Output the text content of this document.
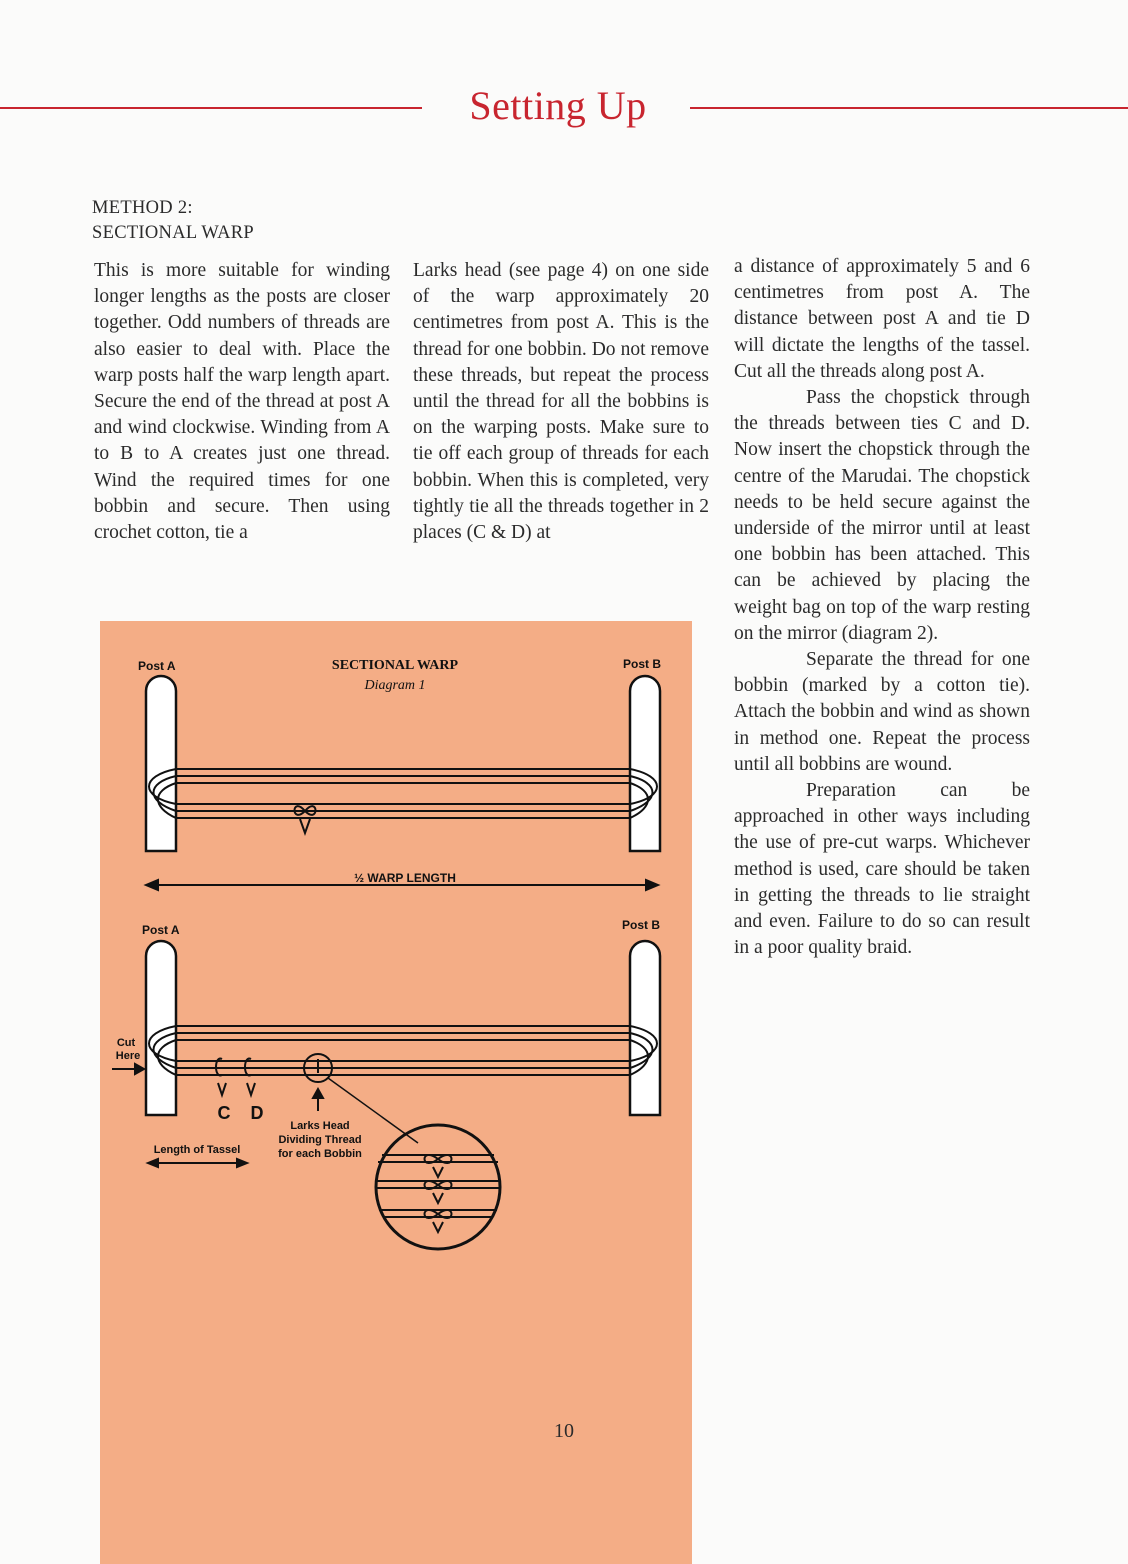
Setting Up
METHOD 2:
SECTIONAL WARP

This is more suitable for winding longer lengths as the posts are closer together. Odd numbers of threads are also easier to deal with. Place the warp posts half the warp length apart. Secure the end of the thread at post A and wind clockwise. Winding from A to B to A creates just one thread. Wind the required times for one bobbin and secure. Then using crochet cotton, tie a

Larks head (see page 4) on one side of the warp approximately 20 centimetres from post A. This is the thread for one bobbin. Do not remove these threads, but repeat the process until the thread for all the bobbins is on the warping posts. Make sure to tie off each group of threads for each bobbin. When this is completed, very tightly tie all the threads together in 2 places (C & D) at

a distance of approximately 5 and 6 centimetres from post A. The distance between post A and tie D will dictate the lengths of the tassel. Cut all the threads along post A.

Pass the chopstick through the threads between ties C and D. Now insert the chopstick through the centre of the Marudai. The chopstick needs to be held secure against the underside of the mirror until at least one bobbin has been attached. This can be achieved by placing the weight bag on top of the warp resting on the mirror (diagram 2).

Separate the thread for one bobbin (marked by a cotton tie). Attach the bobbin and wind as shown in method one. Repeat the process until all bobbins are wound.

Preparation can be approached in other ways including the use of pre-cut warps. Whichever method is used, care should be taken in getting the threads to lie straight and even. Failure to do so can result in a poor quality braid.

Post A	Post B
SECTIONAL WARP
Diagram 1
½ WARP LENGTH
Post A	Post B
Cut
Here
C D
Larks Head
Dividing Thread
for each Bobbin
Length of Tassel
10
